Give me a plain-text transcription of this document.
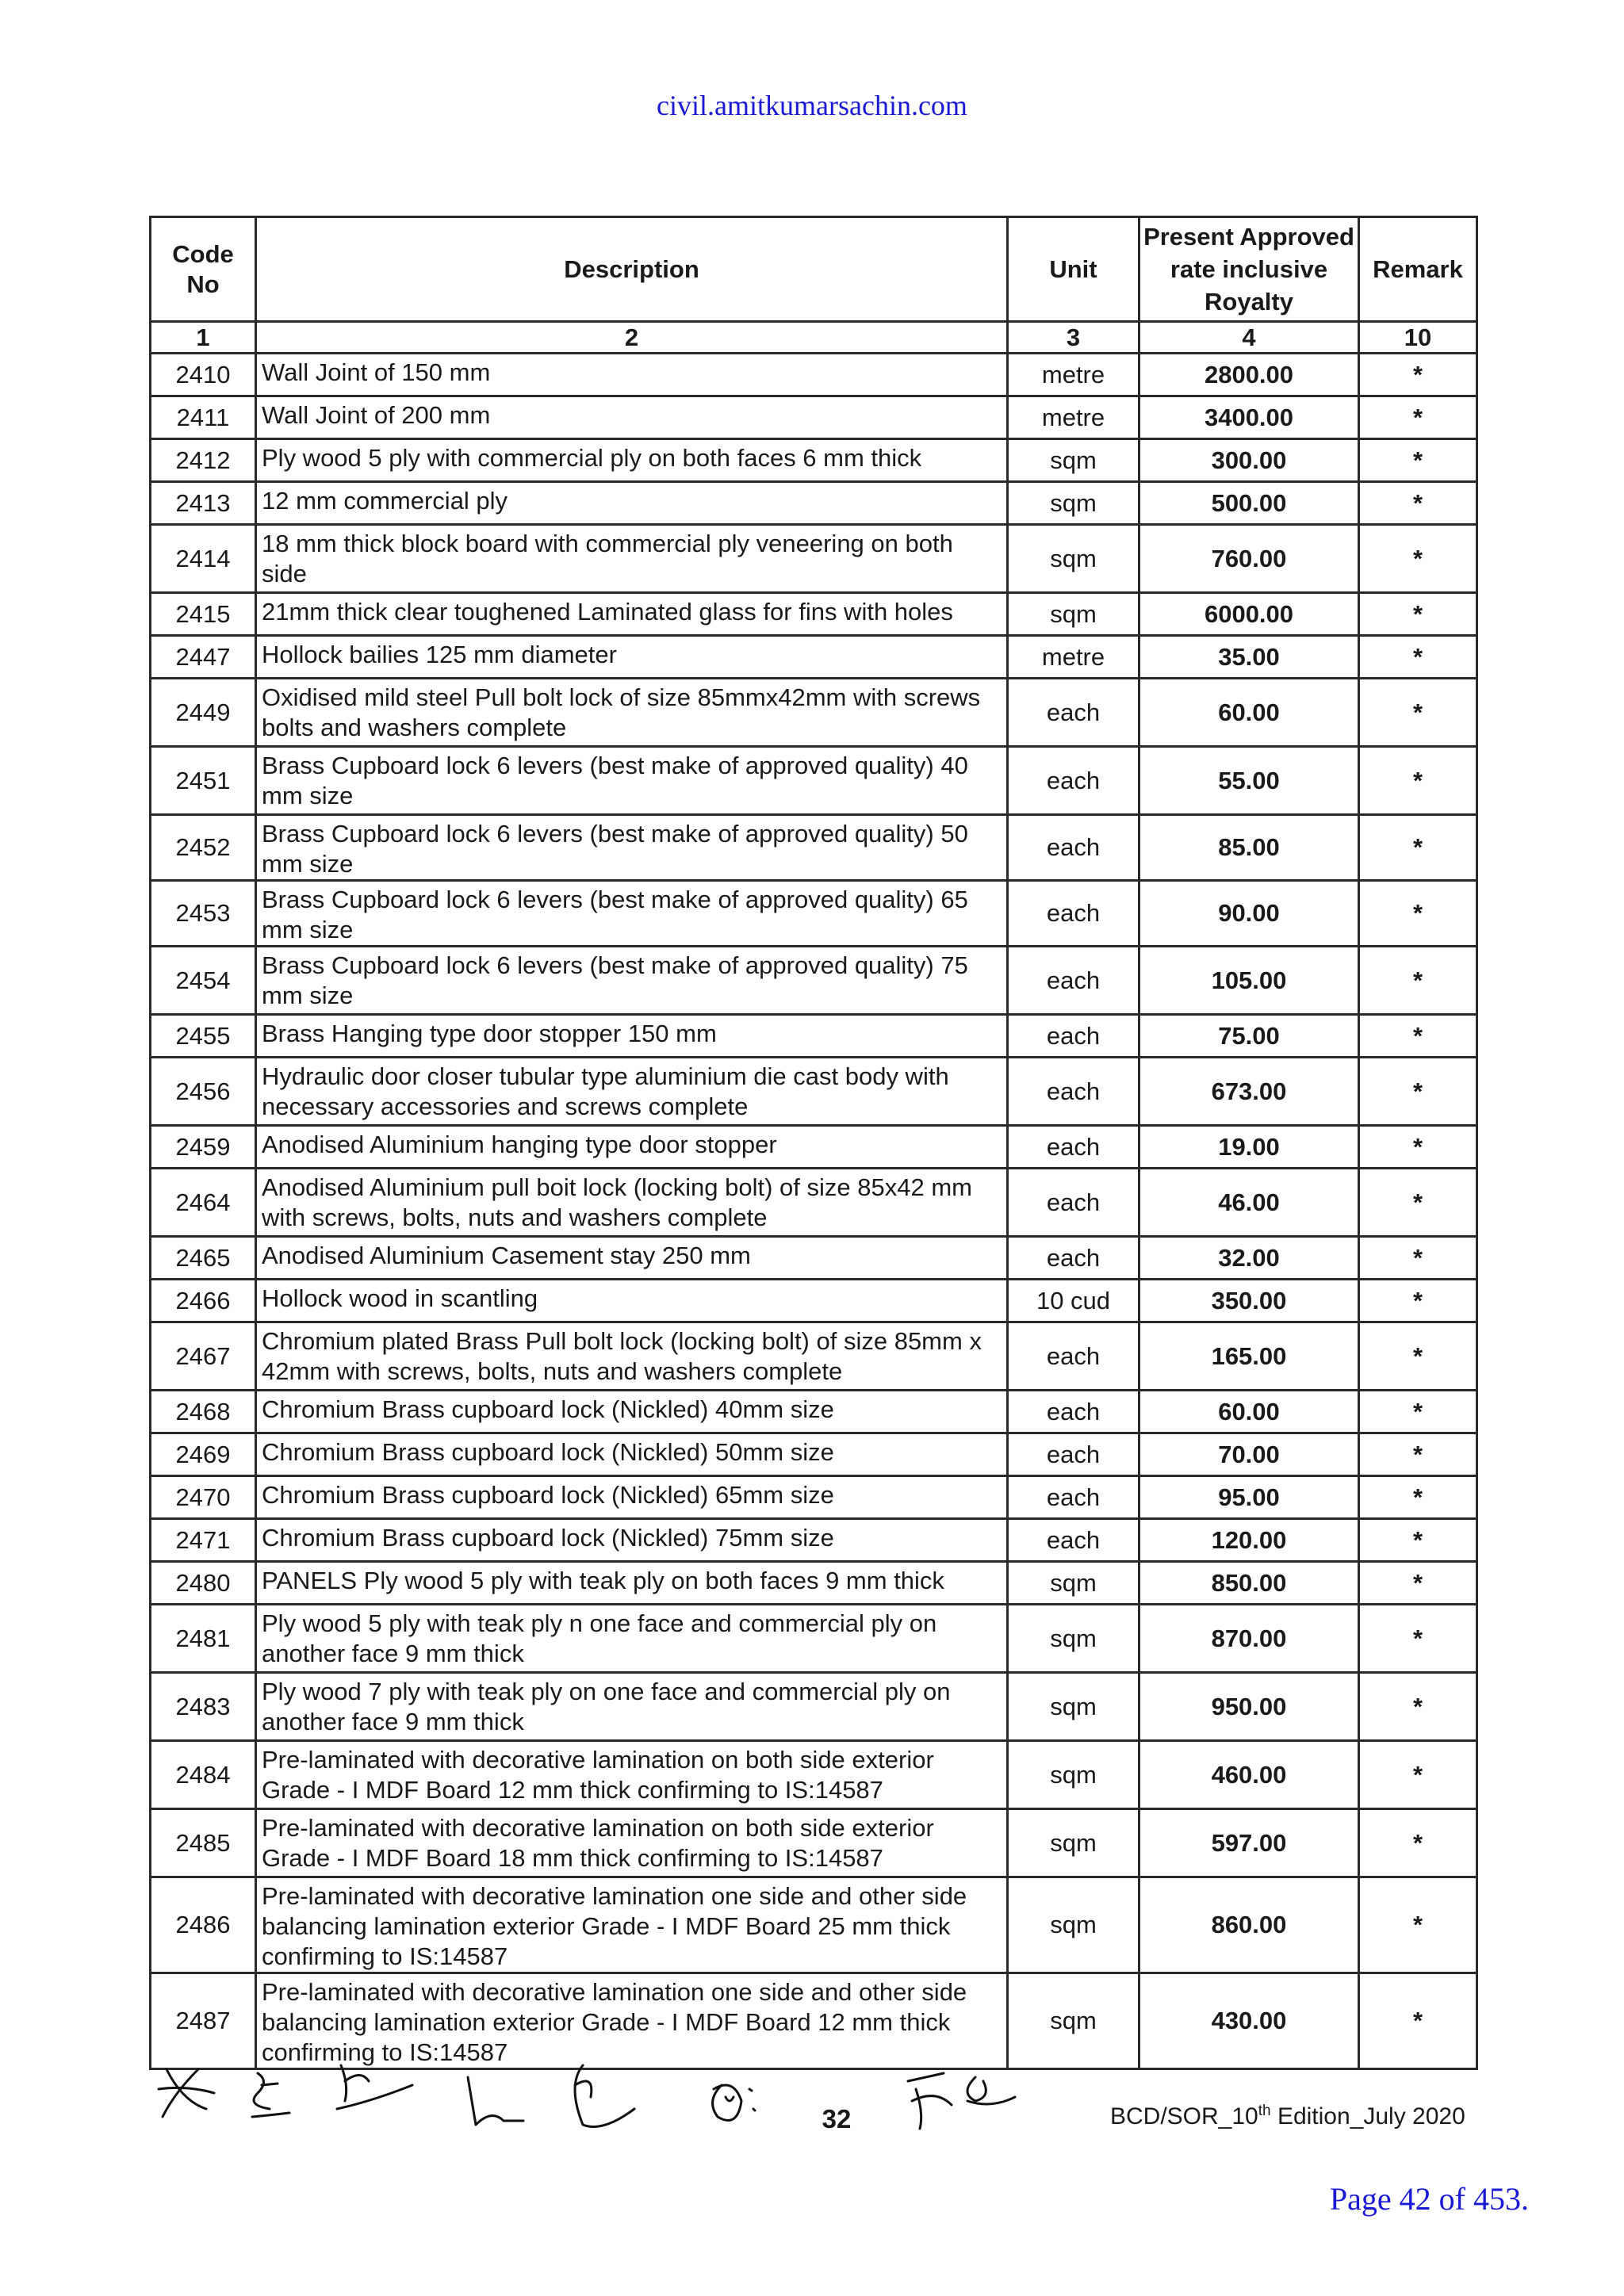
civil.amitkumarsachin.com
Code No	Description	Unit	Present Approved rate inclusive Royalty	Remark
1	2	3	4	10
2410	Wall Joint of 150 mm	metre	2800.00	*
2411	Wall Joint of 200 mm	metre	3400.00	*
2412	Ply wood 5 ply with commercial ply on both faces 6 mm thick	sqm	300.00	*
2413	12 mm commercial ply	sqm	500.00	*
2414	18 mm thick block board with commercial ply veneering on both side	sqm	760.00	*
2415	21mm thick clear toughened Laminated glass for fins with holes	sqm	6000.00	*
2447	Hollock bailies 125 mm diameter	metre	35.00	*
2449	Oxidised mild steel Pull bolt lock of size 85mmx42mm with screws bolts and washers complete	each	60.00	*
2451	Brass Cupboard lock 6 levers (best make of approved quality) 40 mm size	each	55.00	*
2452	Brass Cupboard lock 6 levers (best make of approved quality) 50 mm size	each	85.00	*
2453	Brass Cupboard lock 6 levers (best make of approved quality) 65 mm size	each	90.00	*
2454	Brass Cupboard lock 6 levers (best make of approved quality) 75 mm size	each	105.00	*
2455	Brass Hanging type door stopper 150 mm	each	75.00	*
2456	Hydraulic door closer tubular type aluminium die cast body with necessary accessories and screws complete	each	673.00	*
2459	Anodised Aluminium hanging type door stopper	each	19.00	*
2464	Anodised Aluminium pull boit lock (locking bolt) of size 85x42 mm with screws, bolts, nuts and washers complete	each	46.00	*
2465	Anodised Aluminium Casement stay 250 mm	each	32.00	*
2466	Hollock wood in scantling	10 cud	350.00	*
2467	Chromium plated Brass Pull bolt lock (locking bolt) of size 85mm x 42mm with screws, bolts, nuts and washers complete	each	165.00	*
2468	Chromium Brass cupboard lock (Nickled) 40mm size	each	60.00	*
2469	Chromium Brass cupboard lock (Nickled) 50mm size	each	70.00	*
2470	Chromium Brass cupboard lock (Nickled) 65mm size	each	95.00	*
2471	Chromium Brass cupboard lock (Nickled) 75mm size	each	120.00	*
2480	PANELS Ply wood 5 ply with teak ply on both faces 9 mm thick	sqm	850.00	*
2481	Ply wood 5 ply with teak ply n one face and commercial ply on another face 9 mm thick	sqm	870.00	*
2483	Ply wood 7 ply with teak ply on one face and commercial ply on another face 9 mm thick	sqm	950.00	*
2484	Pre-laminated with decorative lamination on both side exterior Grade - I MDF Board 12 mm thick confirming to IS:14587	sqm	460.00	*
2485	Pre-laminated with decorative lamination on both side exterior Grade - I MDF Board 18 mm thick confirming to IS:14587	sqm	597.00	*
2486	Pre-laminated with decorative lamination one side and other side balancing lamination exterior Grade - I MDF Board 25 mm thick confirming to IS:14587	sqm	860.00	*
2487	Pre-laminated with decorative lamination one side and other side balancing lamination exterior Grade - I MDF Board 12 mm thick confirming to IS:14587	sqm	430.00	*
32	BCD/SOR_10th Edition_July 2020
Page 42 of 453.
